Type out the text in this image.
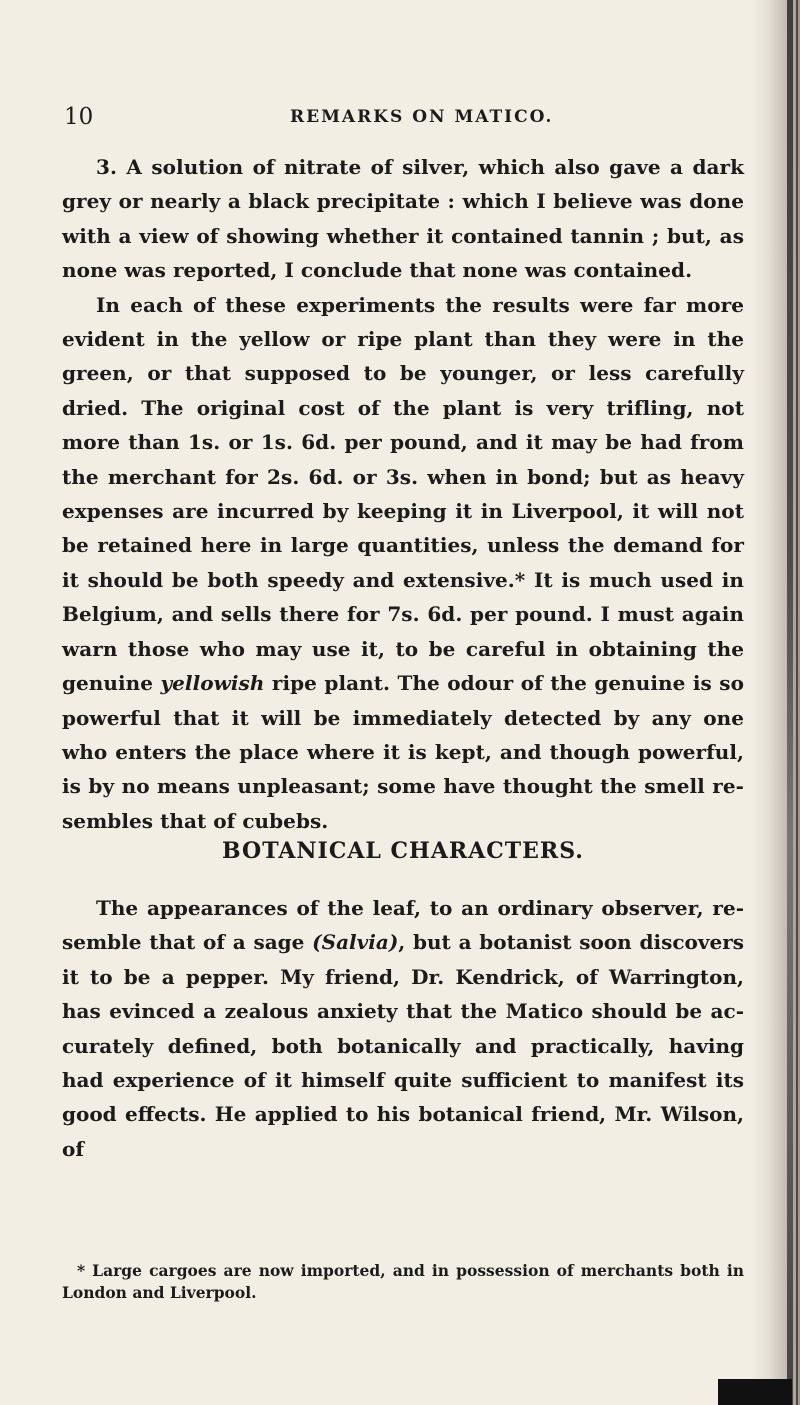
10	REMARKS ON MATICO.

3. A solution of nitrate of silver, which also gave a dark grey or nearly a black precipitate : which I believe was done with a view of showing whether it contained tannin ; but, as none was reported, I conclude that none was contained.

In each of these experiments the results were far more evident in the yellow or ripe plant than they were in the green, or that supposed to be younger, or less carefully dried. The original cost of the plant is very trifling, not more than 1s. or 1s. 6d. per pound, and it may be had from the merchant for 2s. 6d. or 3s. when in bond; but as heavy expenses are incurred by keeping it in Liverpool, it will not be retained here in large quantities, unless the demand for it should be both speedy and extensive.* It is much used in Belgium, and sells there for 7s. 6d. per pound. I must again warn those who may use it, to be careful in obtaining the genuine yellowish ripe plant. The odour of the genuine is so powerful that it will be immediately detected by any one who enters the place where it is kept, and though powerful, is by no means unpleasant; some have thought the smell re- sembles that of cubebs.

BOTANICAL CHARACTERS.

The appearances of the leaf, to an ordinary observer, re- semble that of a sage (Salvia), but a botanist soon discovers it to be a pepper. My friend, Dr. Kendrick, of Warrington, has evinced a zealous anxiety that the Matico should be ac- curately defined, both botanically and practically, having had experience of it himself quite sufficient to manifest its good effects. He applied to his botanical friend, Mr. Wilson, of

* Large cargoes are now imported, and in possession of merchants both in London and Liverpool.
